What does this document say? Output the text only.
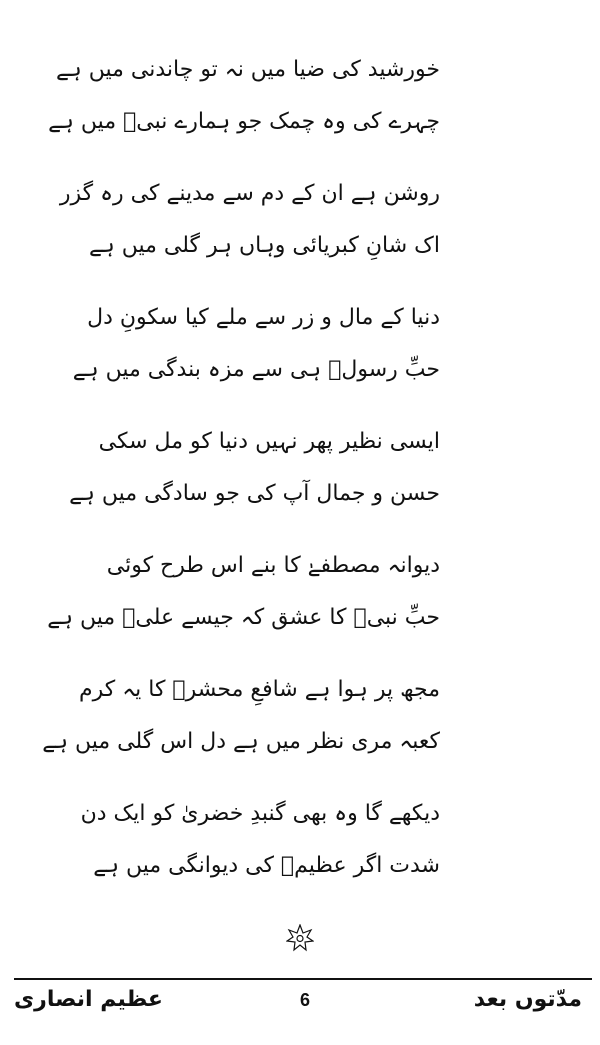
خورشید کی ضیا میں نہ تو چاندنی میں ہے
چہرے کی وہ چمک جو ہمارے نبیؐ میں ہے
روشن ہے ان کے دم سے مدینے کی رہ گزر
اک شانِ کبریائی وہاں ہر گلی میں ہے
دنیا کے مال و زر سے ملے کیا سکونِ دل
حبِّ رسولؐ ہی سے مزہ بندگی میں ہے
ایسی نظیر پھر نہیں دنیا کو مل سکی
حسن و جمال آپ کی جو سادگی میں ہے
دیوانہ مصطفےٰ کا بنے اس طرح کوئی
حبِّ نبیؐ کا عشق کہ جیسے علیؓ میں ہے
مجھ پر ہوا ہے شافعِ محشرؐ کا یہ کرم
کعبہ مری نظر میں ہے دل اس گلی میں ہے
دیکھے گا وہ بھی گنبدِ خضریٰ کو ایک دن
شدت اگر عظیمؔ کی دیوانگی میں ہے
عظیم انصاری	6	مدّتوں بعد
